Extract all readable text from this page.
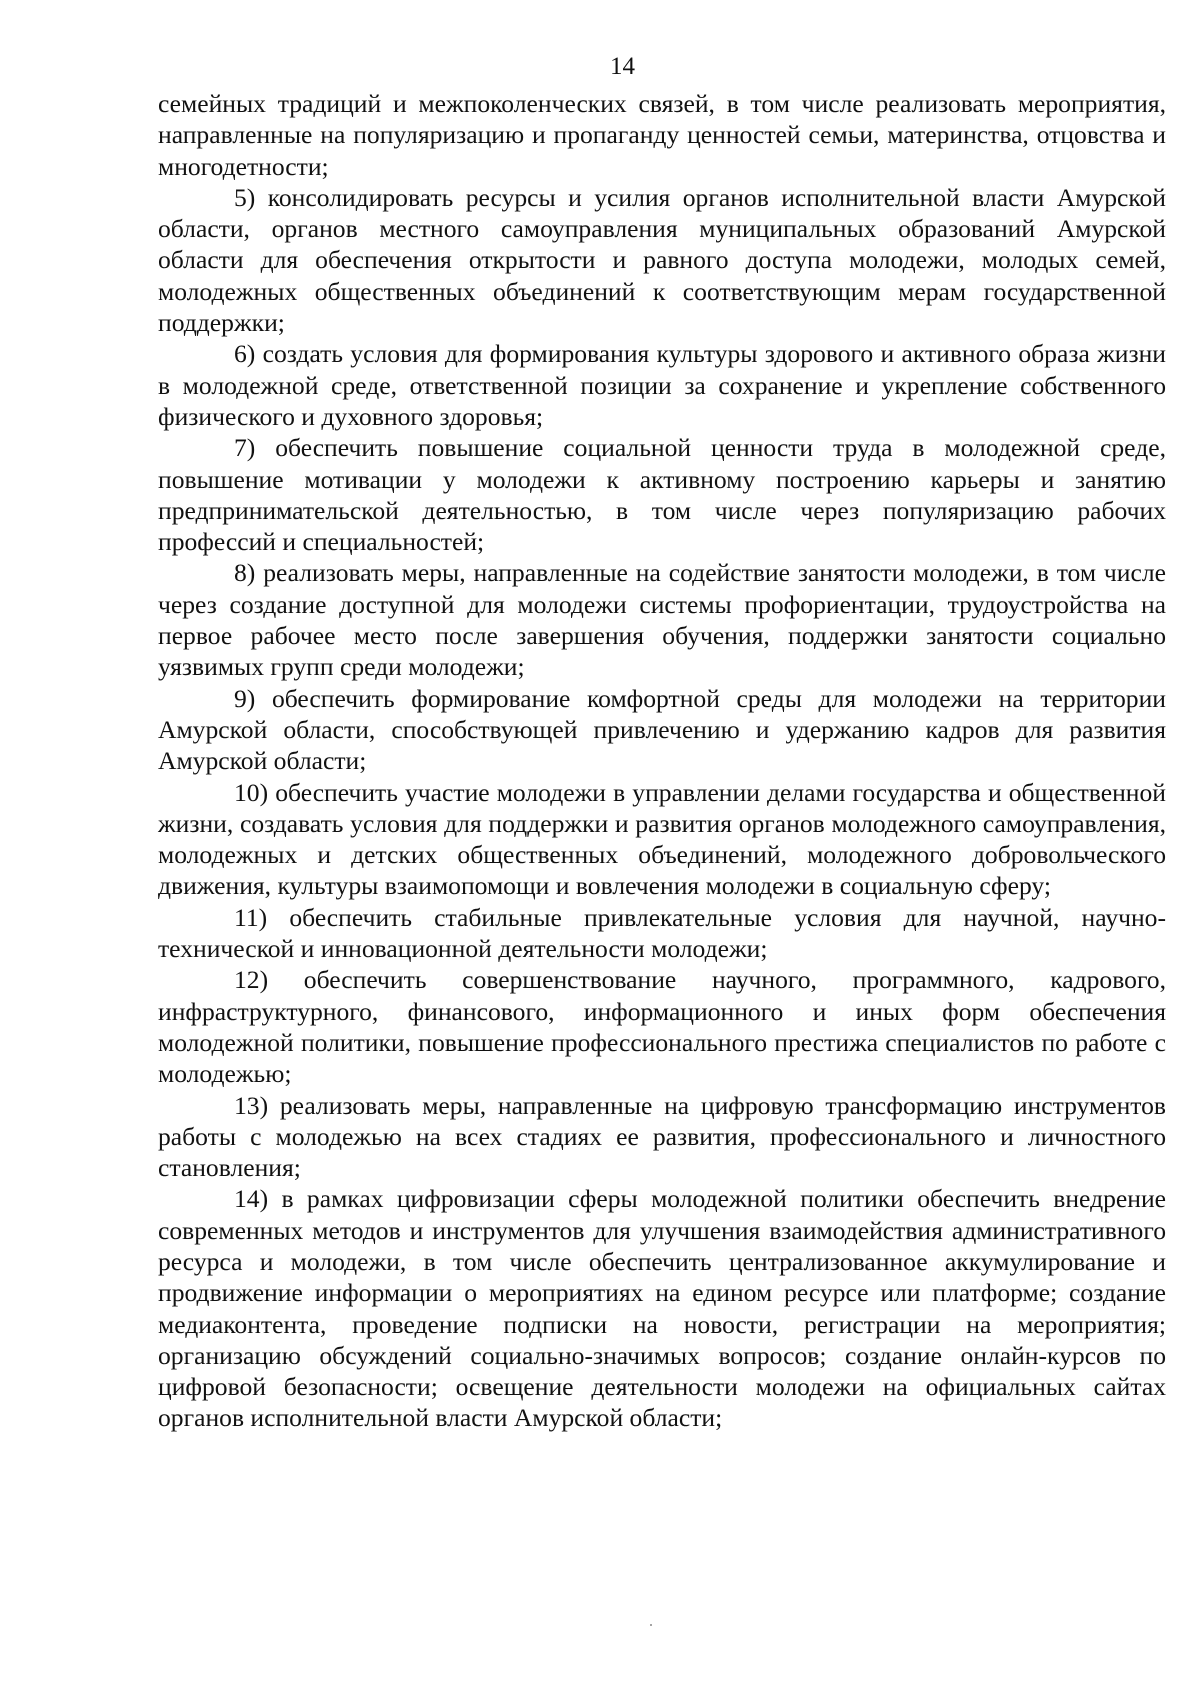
14

семейных традиций и межпоколенческих связей, в том числе реализовать мероприятия, направленные на популяризацию и пропаганду ценностей семьи, материнства, отцовства и многодетности;

5) консолидировать ресурсы и усилия органов исполнительной власти Амурской области, органов местного самоуправления муниципальных образований Амурской области для обеспечения открытости и равного доступа молодежи, молодых семей, молодежных общественных объединений к соответствующим мерам государственной поддержки;

6) создать условия для формирования культуры здорового и активного образа жизни в молодежной среде, ответственной позиции за сохранение и укрепление собственного физического и духовного здоровья;

7) обеспечить повышение социальной ценности труда в молодежной среде, повышение мотивации у молодежи к активному построению карьеры и занятию предпринимательской деятельностью, в том числе через популяризацию рабочих профессий и специальностей;

8) реализовать меры, направленные на содействие занятости молодежи, в том числе через создание доступной для молодежи системы профориентации, трудоустройства на первое рабочее место после завершения обучения, поддержки занятости социально уязвимых групп среди молодежи;

9) обеспечить формирование комфортной среды для молодежи на территории Амурской области, способствующей привлечению и удержанию кадров для развития Амурской области;

10) обеспечить участие молодежи в управлении делами государства и общественной жизни, создавать условия для поддержки и развития органов молодежного самоуправления, молодежных и детских общественных объединений, молодежного добровольческого движения, культуры взаимопомощи и вовлечения молодежи в социальную сферу;

11) обеспечить стабильные привлекательные условия для научной, научно-технической и инновационной деятельности молодежи;

12) обеспечить совершенствование научного, программного, кадрового, инфраструктурного, финансового, информационного и иных форм обеспечения молодежной политики, повышение профессионального престижа специалистов по работе с молодежью;

13) реализовать меры, направленные на цифровую трансформацию инструментов работы с молодежью на всех стадиях ее развития, профессионального и личностного становления;

14) в рамках цифровизации сферы молодежной политики обеспечить внедрение современных методов и инструментов для улучшения взаимодействия административного ресурса и молодежи, в том числе обеспечить централизованное аккумулирование и продвижение информации о мероприятиях на едином ресурсе или платформе; создание медиаконтента, проведение подписки на новости, регистрации на мероприятия; организацию обсуждений социально-значимых вопросов; создание онлайн-курсов по цифровой безопасности; освещение деятельности молодежи на официальных сайтах органов исполнительной власти Амурской области;
